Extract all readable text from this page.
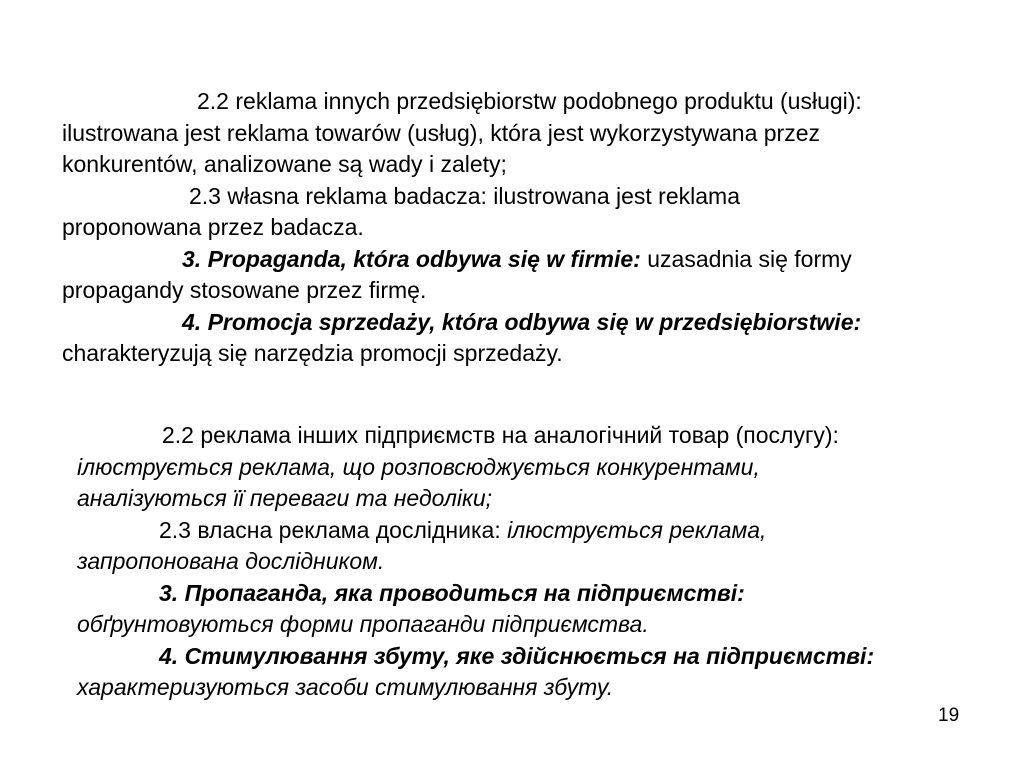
2.2 reklama innych przedsiębiorstw podobnego produktu (usługi):
ilustrowana jest reklama towarów (usług), która jest wykorzystywana przez
konkurentów, analizowane są wady i zalety;
2.3 własna reklama badacza: ilustrowana jest reklama
proponowana przez badacza.
3. Propaganda, która odbywa się w firmie: uzasadnia się formy
propagandy stosowane przez firmę.
4. Promocja sprzedaży, która odbywa się w przedsiębiorstwie:
charakteryzują się narzędzia promocji sprzedaży.
2.2 реклама інших підприємств на аналогічний товар (послугу):
ілюструється реклама, що розповсюджується конкурентами,
аналізуються її переваги та недоліки;
2.3 власна реклама дослідника: ілюструється реклама,
запропонована дослідником.
3. Пропаганда, яка проводиться на підприємстві:
обґрунтовуються форми пропаганди підприємства.
4. Стимулювання збуту, яке здійснюється на підприємстві:
характеризуються засоби стимулювання збуту.
19
